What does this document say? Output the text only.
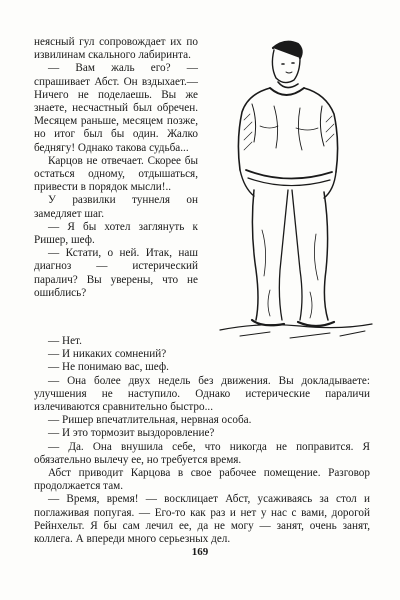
неясный гул сопровождает их по извилинам скального лабиринта.

— Вам жаль его? — спрашивает Абст. Он вздыхает.— Ничего не поделаешь. Вы же знаете, несчастный был обречен. Месяцем раньше, месяцем позже, но итог был бы один. Жалко беднягу! Однако такова судьба...

Карцов не отвечает. Скорее бы остаться одному, отдышаться, привести в порядок мысли!..

У развилки туннеля он замедляет шаг.

— Я бы хотел заглянуть к Ришер, шеф.

— Кстати, о ней. Итак, наш диагноз — истерический паралич? Вы уверены, что не ошиблись?

— Нет.

— И никаких сомнений?

— Не понимаю вас, шеф.

— Она более двух недель без движения. Вы докладываете: улучшения не наступило. Однако истерические параличи излечиваются сравнительно быстро...

— Ришер впечатлительная, нервная особа.

— И это тормозит выздоровление?

— Да. Она внушила себе, что никогда не поправится. Я обязательно вылечу ее, но требуется время.

Абст приводит Карцова в свое рабочее помещение. Разговор продолжается там.

— Время, время! — восклицает Абст, усаживаясь за стол и поглаживая попугая. — Его-то как раз и нет у нас с вами, дорогой Рейнхельт. Я бы сам лечил ее, да не могу — занят, очень занят, коллега. А впереди много серьезных дел.

169
